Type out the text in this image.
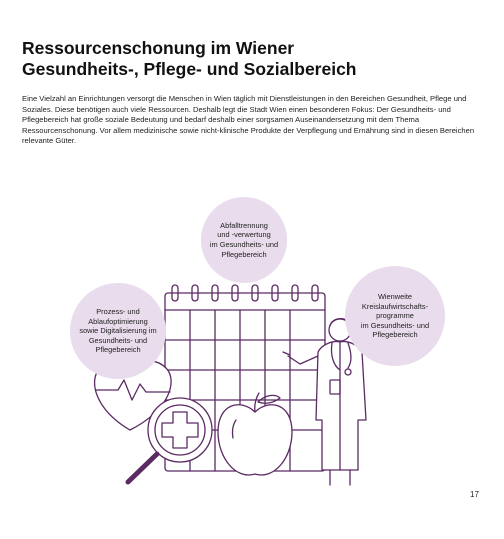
Ressourcenschonung im Wiener
Gesundheits-, Pflege- und Sozialbereich

Eine Vielzahl an Einrichtungen versorgt die Menschen in Wien täglich mit Dienstleistungen in den Bereichen Gesundheit, Pflege und Soziales. Diese benötigen auch viele Ressourcen. Deshalb legt die Stadt Wien einen besonderen Fokus: Der Gesundheits- und Pflegebereich hat große soziale Bedeutung und bedarf deshalb einer sorgsamen Auseinandersetzung mit dem Thema Ressourcenschonung. Vor allem medizinische sowie nicht-klinische Produkte der Verpflegung und Ernährung sind in diesen Bereichen relevante Güter.

Abfalltrennung
und -verwertung
im Gesundheits- und
Pflegebereich
Prozess- und
Ablaufoptimierung
sowie Digitalisierung im
Gesundheits- und
Pflegebereich
Wienweite
Kreislaufwirtschafts-
programme
im Gesundheits- und
Pflegebereich
17
